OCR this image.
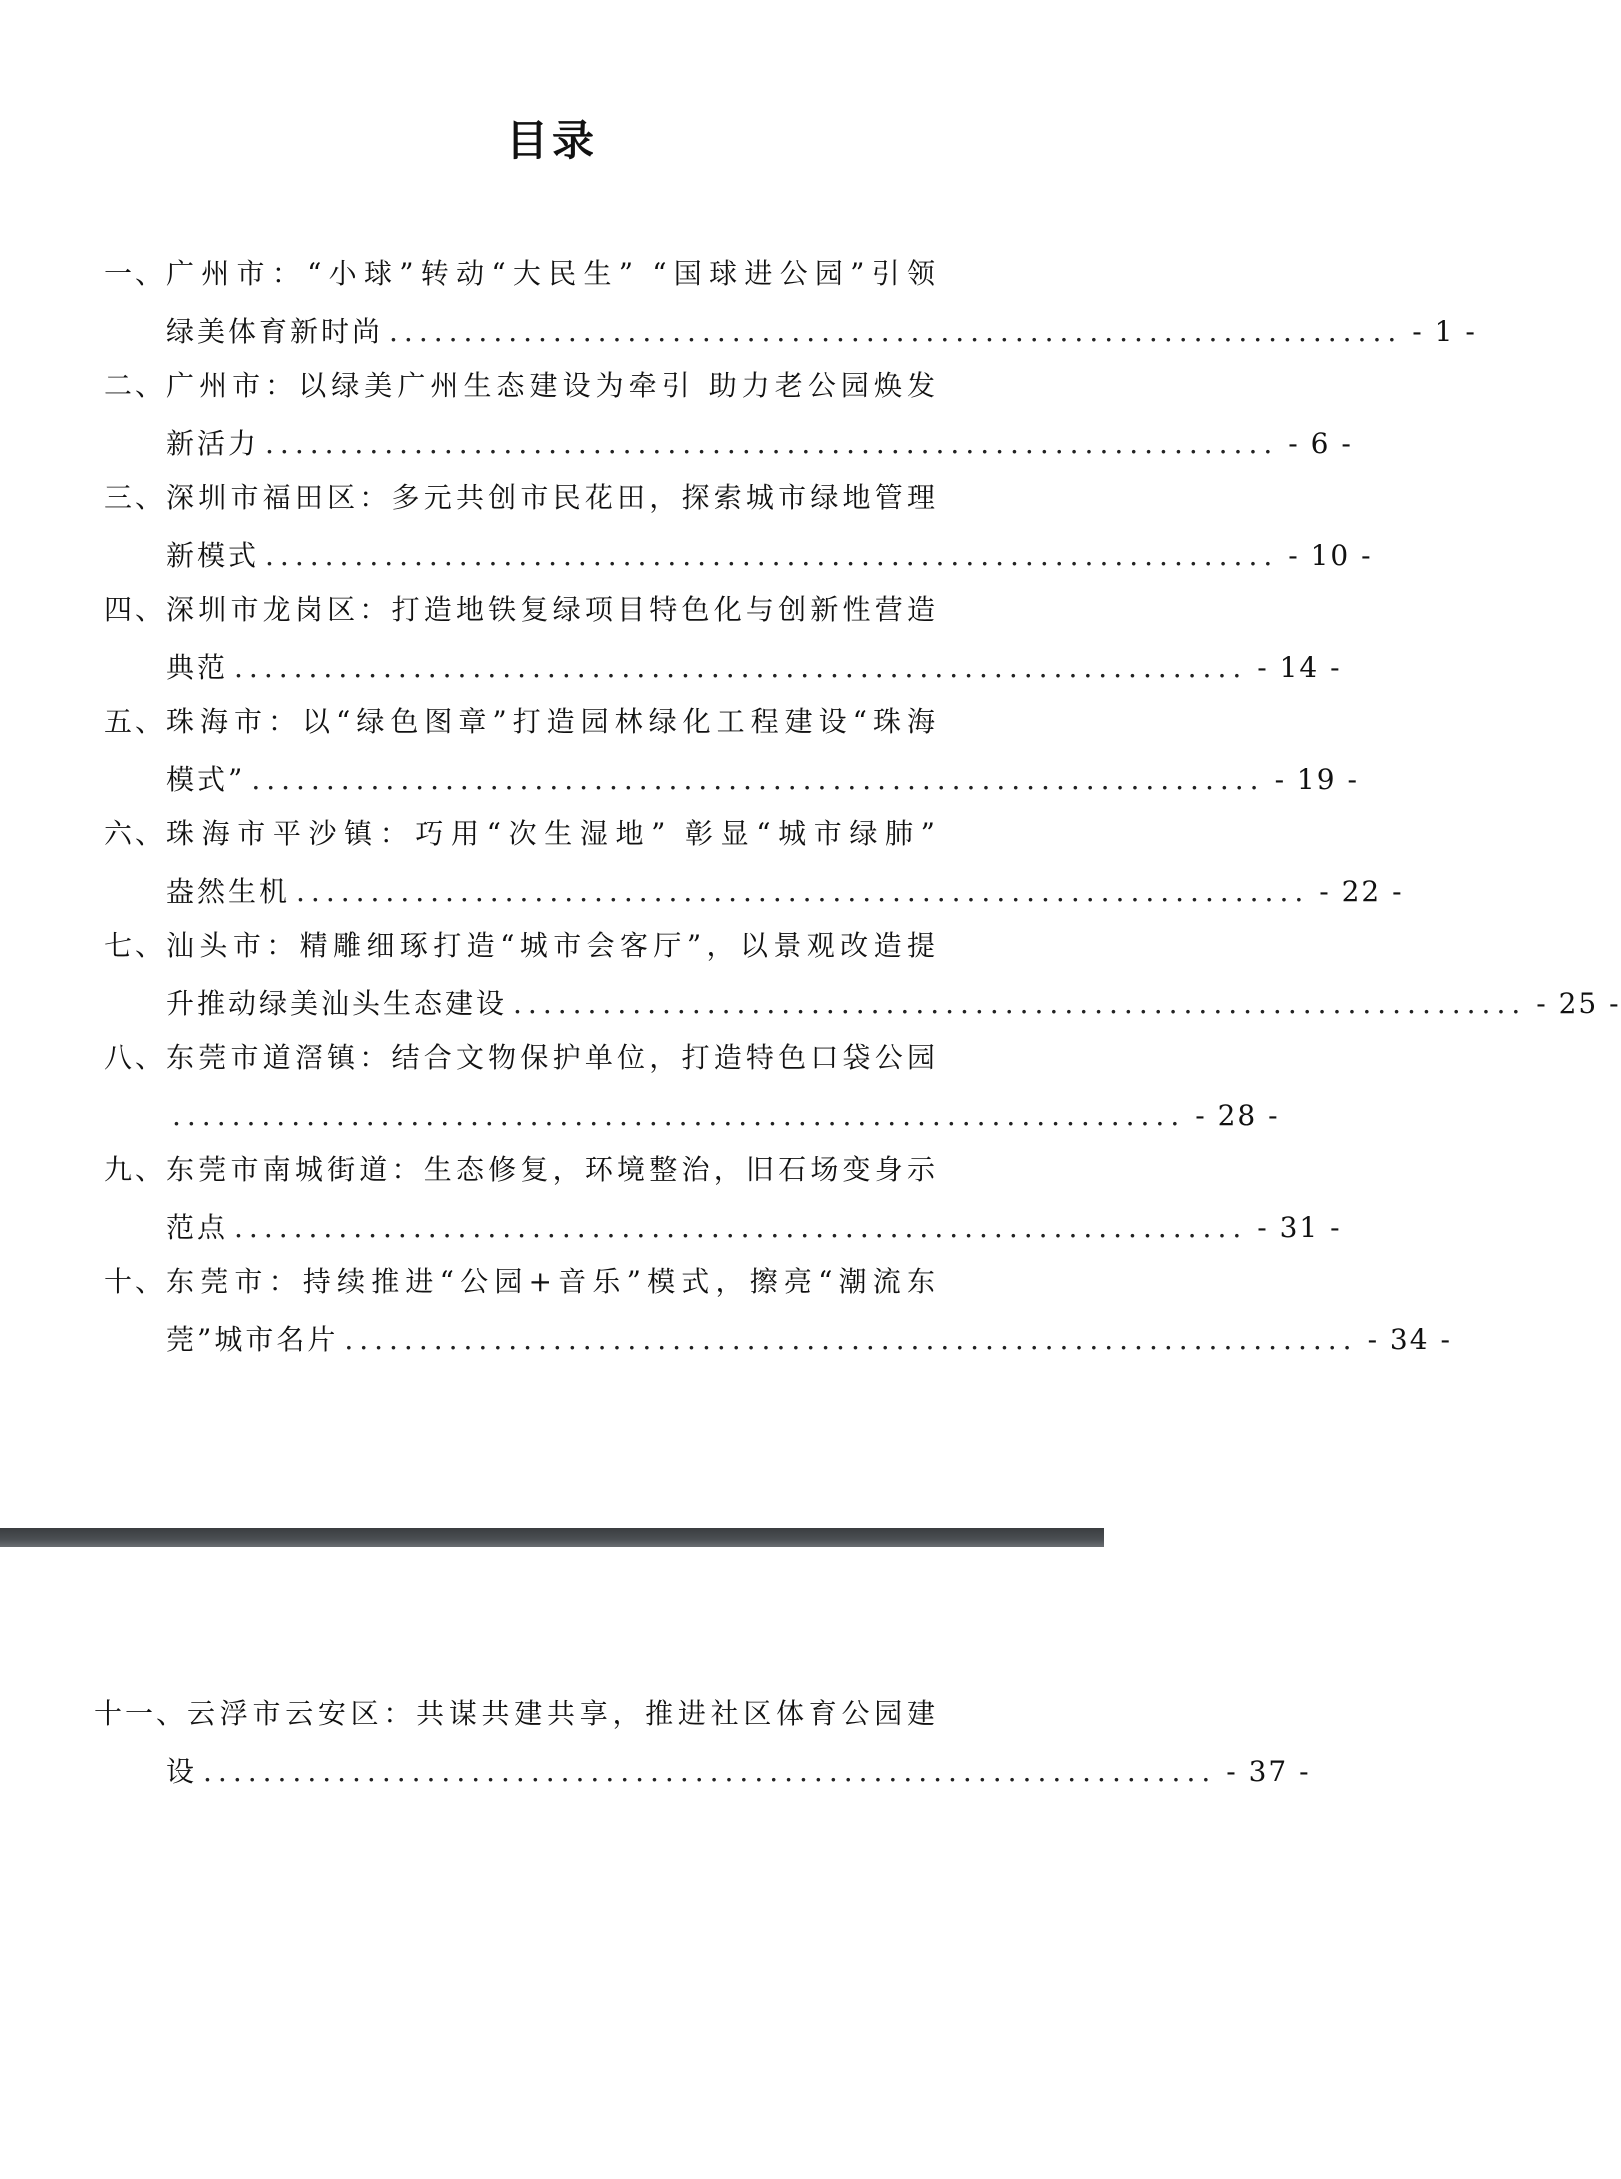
目录
一、 广州市：“小球”转动“大民生” “国球进公园”引领
绿美体育新时尚 .................................................................... - 1 -
二、 广州市：以绿美广州生态建设为牵引 助力老公园焕发
新活力 .................................................................... - 6 -
三、 深圳市福田区：多元共创市民花田，探索城市绿地管理
新模式 .................................................................... - 10 -
四、 深圳市龙岗区：打造地铁复绿项目特色化与创新性营造
典范 .................................................................... - 14 -
五、 珠海市：以“绿色图章”打造园林绿化工程建设“珠海
模式” .................................................................... - 19 -
六、 珠海市平沙镇：巧用“次生湿地” 彰显“城市绿肺”
盎然生机 .................................................................... - 22 -
七、 汕头市：精雕细琢打造“城市会客厅”，以景观改造提
升推动绿美汕头生态建设 .................................................................... - 25 -
八、 东莞市道滘镇：结合文物保护单位，打造特色口袋公园
.................................................................... - 28 -
九、 东莞市南城街道：生态修复，环境整治，旧石场变身示
范点 .................................................................... - 31 -
十、 东莞市：持续推进“公园+音乐”模式，擦亮“潮流东
莞”城市名片 .................................................................... - 34 -
十一、 云浮市云安区：共谋共建共享，推进社区体育公园建
设 .................................................................... - 37 -
